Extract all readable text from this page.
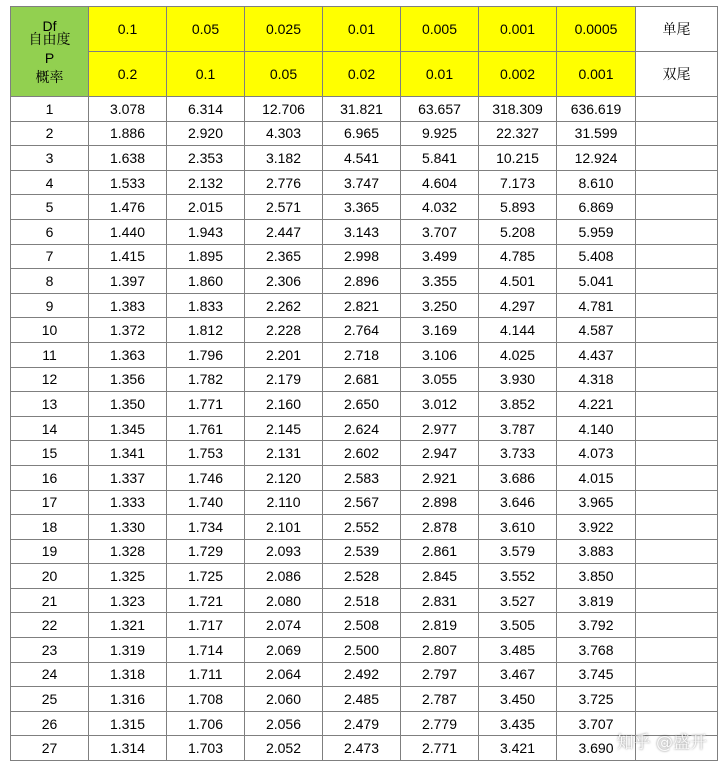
Df
自由度
P
概率	0.1	0.05	0.025	0.01	0.005	0.001	0.0005	单尾
	0.2	0.1	0.05	0.02	0.01	0.002	0.001	双尾
1	3.078	6.314	12.706	31.821	63.657	318.309	636.619	
2	1.886	2.920	4.303	6.965	9.925	22.327	31.599	
3	1.638	2.353	3.182	4.541	5.841	10.215	12.924	
4	1.533	2.132	2.776	3.747	4.604	7.173	8.610	
5	1.476	2.015	2.571	3.365	4.032	5.893	6.869	
6	1.440	1.943	2.447	3.143	3.707	5.208	5.959	
7	1.415	1.895	2.365	2.998	3.499	4.785	5.408	
8	1.397	1.860	2.306	2.896	3.355	4.501	5.041	
9	1.383	1.833	2.262	2.821	3.250	4.297	4.781	
10	1.372	1.812	2.228	2.764	3.169	4.144	4.587	
11	1.363	1.796	2.201	2.718	3.106	4.025	4.437	
12	1.356	1.782	2.179	2.681	3.055	3.930	4.318	
13	1.350	1.771	2.160	2.650	3.012	3.852	4.221	
14	1.345	1.761	2.145	2.624	2.977	3.787	4.140	
15	1.341	1.753	2.131	2.602	2.947	3.733	4.073	
16	1.337	1.746	2.120	2.583	2.921	3.686	4.015	
17	1.333	1.740	2.110	2.567	2.898	3.646	3.965	
18	1.330	1.734	2.101	2.552	2.878	3.610	3.922	
19	1.328	1.729	2.093	2.539	2.861	3.579	3.883	
20	1.325	1.725	2.086	2.528	2.845	3.552	3.850	
21	1.323	1.721	2.080	2.518	2.831	3.527	3.819	
22	1.321	1.717	2.074	2.508	2.819	3.505	3.792	
23	1.319	1.714	2.069	2.500	2.807	3.485	3.768	
24	1.318	1.711	2.064	2.492	2.797	3.467	3.745	
25	1.316	1.708	2.060	2.485	2.787	3.450	3.725	
26	1.315	1.706	2.056	2.479	2.779	3.435	3.707	
27	1.314	1.703	2.052	2.473	2.771	3.421	3.690	知乎 @盛开
